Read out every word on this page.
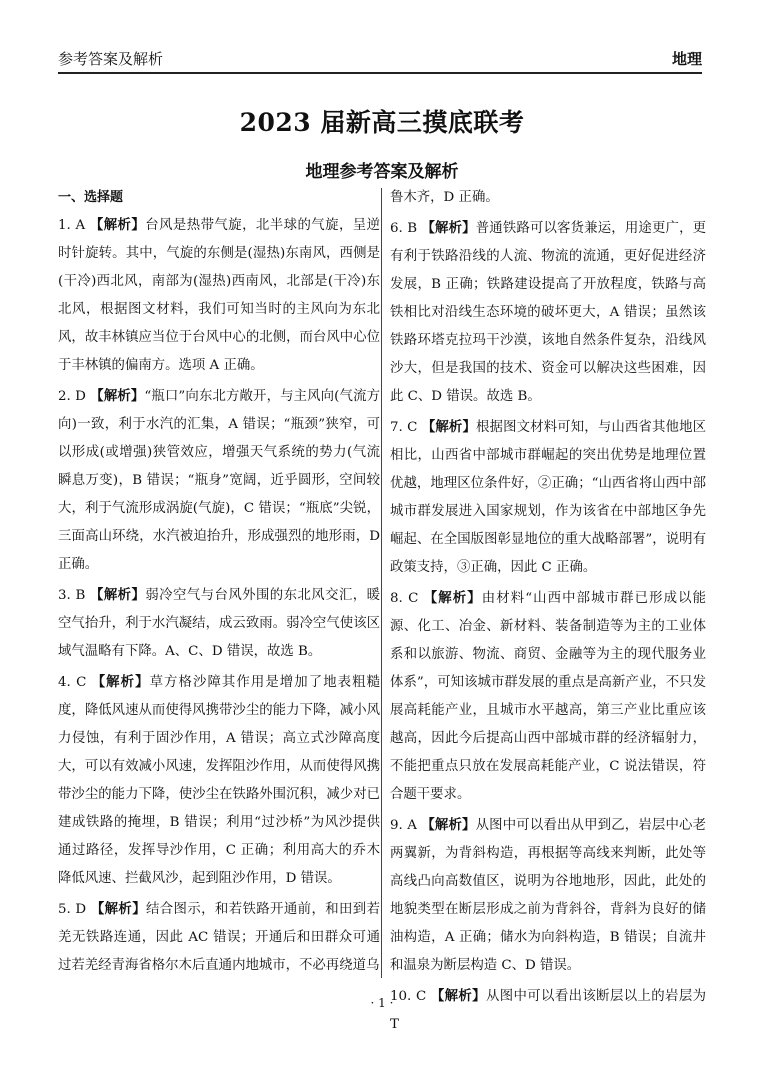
参考答案及解析	地理
2023 届新高三摸底联考
地理参考答案及解析
一、选择题
1. A 【解析】台风是热带气旋，北半球的气旋，呈逆时针旋转。其中，气旋的东侧是(湿热)东南风，西侧是(干冷)西北风，南部为(湿热)西南风，北部是(干冷)东北风，根据图文材料，我们可知当时的主风向为东北风，故丰林镇应当位于台风中心的北侧，而台风中心位于丰林镇的偏南方。选项 A 正确。
2. D 【解析】“瓶口”向东北方敞开，与主风向(气流方向)一致，利于水汽的汇集，A 错误；“瓶颈”狭窄，可以形成(或增强)狭管效应，增强天气系统的势力(气流瞬息万变)，B 错误；“瓶身”宽阔，近乎圆形，空间较大，利于气流形成涡旋(气旋)，C 错误；“瓶底”尖锐，三面高山环绕，水汽被迫抬升，形成强烈的地形雨，D 正确。
3. B 【解析】弱冷空气与台风外围的东北风交汇，暖空气抬升，利于水汽凝结，成云致雨。弱冷空气使该区域气温略有下降。A、C、D 错误，故选 B。
4. C 【解析】草方格沙障其作用是增加了地表粗糙度，降低风速从而使得风携带沙尘的能力下降，减小风力侵蚀，有利于固沙作用，A 错误；高立式沙障高度大，可以有效减小风速，发挥阻沙作用，从而使得风携带沙尘的能力下降，使沙尘在铁路外围沉积，减少对已建成铁路的掩埋，B 错误；利用“过沙桥”为风沙提供通过路径，发挥导沙作用，C 正确；利用高大的乔木降低风速、拦截风沙，起到阻沙作用，D 错误。
5. D 【解析】结合图示，和若铁路开通前，和田到若羌无铁路连通，因此 AC 错误；开通后和田群众可通过若羌经青海省格尔木后直通内地城市，不必再绕道乌
鲁木齐，D 正确。
6. B 【解析】普通铁路可以客货兼运，用途更广，更有利于铁路沿线的人流、物流的流通，更好促进经济发展，B 正确；铁路建设提高了开放程度，铁路与高铁相比对沿线生态环境的破坏更大，A 错误；虽然该铁路环塔克拉玛干沙漠，该地自然条件复杂，沿线风沙大，但是我国的技术、资金可以解决这些困难，因此 C、D 错误。故选 B。
7. C 【解析】根据图文材料可知，与山西省其他地区相比，山西省中部城市群崛起的突出优势是地理位置优越，地理区位条件好，②正确；“山西省将山西中部城市群发展进入国家规划，作为该省在中部地区争先崛起、在全国版图彰显地位的重大战略部署”，说明有政策支持，③正确，因此 C 正确。
8. C 【解析】由材料“山西中部城市群已形成以能源、化工、冶金、新材料、装备制造等为主的工业体系和以旅游、物流、商贸、金融等为主的现代服务业体系”，可知该城市群发展的重点是高新产业，不只发展高耗能产业，且城市水平越高，第三产业比重应该越高，因此今后提高山西中部城市群的经济辐射力，不能把重点只放在发展高耗能产业，C 说法错误，符合题干要求。
9. A 【解析】从图中可以看出从甲到乙，岩层中心老两翼新，为背斜构造，再根据等高线来判断，此处等高线凸向高数值区，说明为谷地地形，因此，此处的地貌类型在断层形成之前为背斜谷，背斜为良好的储油构造，A 正确；储水为向斜构造，B 错误；自流井和温泉为断层构造 C、D 错误。
10. C 【解析】从图中可以看出该断层以上的岩层为 T
· 1 ·
